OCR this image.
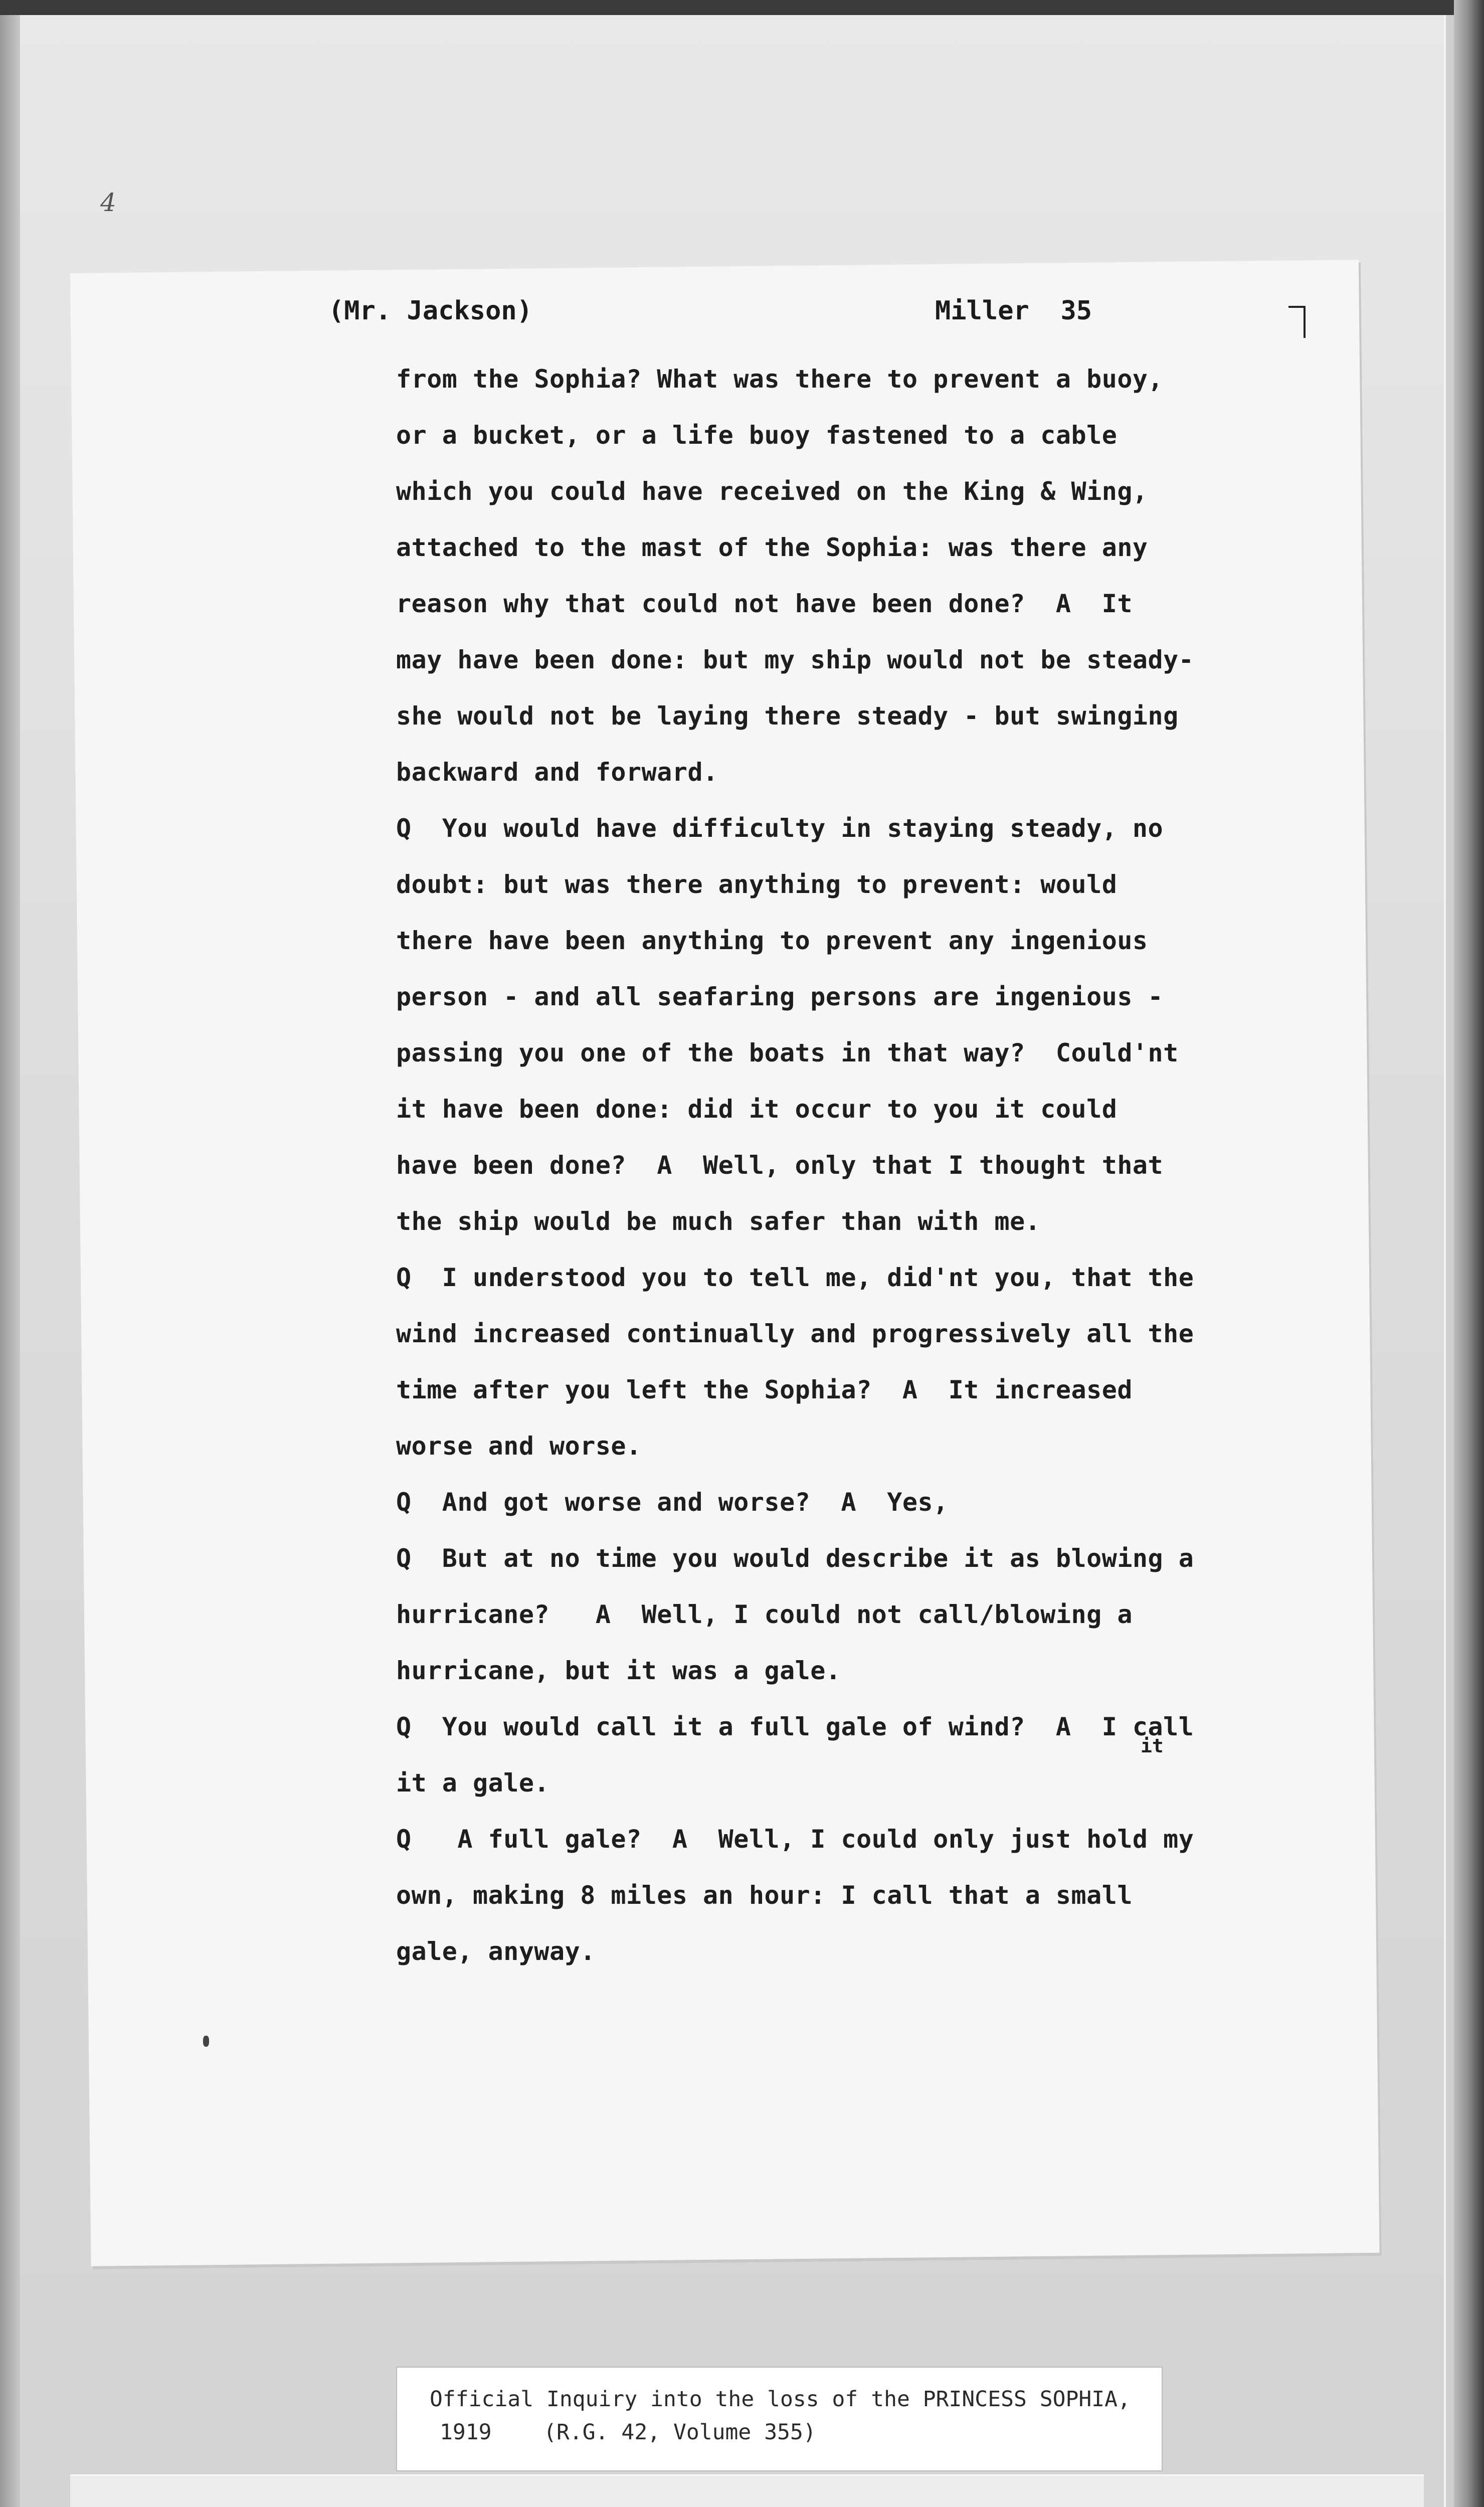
4
(Mr. Jackson)	Miller  35
from the Sophia? What was there to prevent a buoy,
or a bucket, or a life buoy fastened to a cable
which you could have received on the King & Wing,
attached to the mast of the Sophia: was there any
reason why that could not have been done?  A  It
may have been done: but my ship would not be steady-
she would not be laying there steady - but swinging
backward and forward.
Q  You would have difficulty in staying steady, no
doubt: but was there anything to prevent: would
there have been anything to prevent any ingenious
person - and all seafaring persons are ingenious -
passing you one of the boats in that way?  Could'nt
it have been done: did it occur to you it could
have been done?  A  Well, only that I thought that
the ship would be much safer than with me.
Q  I understood you to tell me, did'nt you, that the
wind increased continually and progressively all the
time after you left the Sophia?  A  It increased
worse and worse.
Q  And got worse and worse?  A  Yes,
Q  But at no time you would describe it as blowing a
hurricane?   A  Well, I could not call/blowing a
hurricane, but it was a gale.
Q  You would call it a full gale of wind?  A  I call
it a gale.
Q   A full gale?  A  Well, I could only just hold my
own, making 8 miles an hour: I call that a small
gale, anyway.
it
Official Inquiry into the loss of the PRINCESS SOPHIA,
1919    (R.G. 42, Volume 355)
